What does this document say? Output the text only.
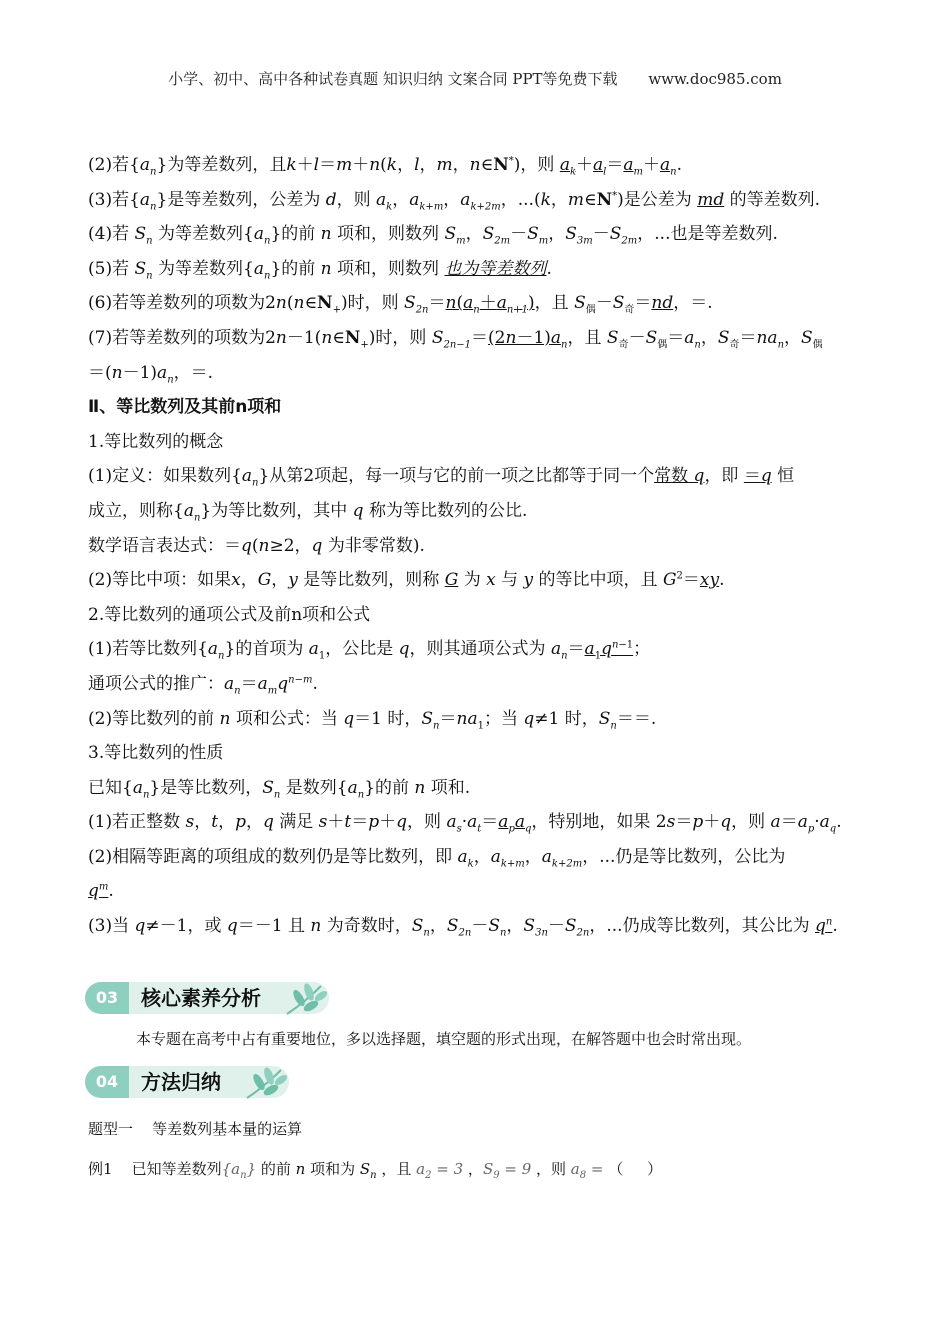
小学、初中、高中各种试卷真题 知识归纳 文案合同 PPT等免费下载 www.doc985.com
(2)若$\{a_n\}$为等差数列，且k＋l＝m＋n(k，l，m，n∈N*)，则 $a_k+a_l=a_m+a_n$.
(3)若$\{a_n\}$是等差数列，公差为 d，则 $a_k$，$a_{k+m}$，$a_{k+2m}$，...(k，m∈N*)是公差为 md 的等差数列.
(4)若 $S_n$ 为等差数列$\{a_n\}$的前 n 项和，则数列 $S_m$，$S_{2m}-S_m$，$S_{3m}-S_{2m}$，...也是等差数列.
(5)若 $S_n$ 为等差数列$\{a_n\}$的前 n 项和，则数列 也为等差数列.
(6)若等差数列的项数为$2n(n\in N_+)$时，则 $S_{2n}=n(a_n+a_{n+1})$，且 $S_偶-S_奇=nd$，＝.
(7)若等差数列的项数为$2n-1(n\in N_+)$时，则 $S_{2n-1}=(2n-1)a_n$，且 $S_奇-S_偶=a_n$，$S_奇=na_n$，$S_偶$
$=(n-1)a_n$，＝.
Ⅱ、等比数列及其前n项和
1.等比数列的概念
(1)定义：如果数列$\{a_n\}$从第2项起，每一项与它的前一项之比都等于同一个常数 q，即 ＝q 恒
成立，则称$\{a_n\}$为等比数列，其中 q 称为等比数列的公比.
数学语言表达式：＝q(n≥2，q 为非零常数).
(2)等比中项：如果x，G，y 是等比数列，则称 G 为 x 与 y 的等比中项，且 $G^2=xy$.
2.等比数列的通项公式及前n项和公式
(1)若等比数列$\{a_n\}$的首项为 $a_1$，公比是 q，则其通项公式为 $a_n=a_1q^{n-1}$；
通项公式的推广：$a_n=a_mq^{n-m}$.
(2)等比数列的前 n 项和公式：当 q＝1 时，$S_n=na_1$；当 q≠1 时，$S_n==$.
3.等比数列的性质
已知$\{a_n\}$是等比数列，$S_n$ 是数列$\{a_n\}$的前 n 项和.
(1)若正整数 s，t，p，q 满足 s＋t＝p＋q，则 $a_s\cdot a_t=a_pa_q$，特别地，如果 2s＝p＋q，则 $a=a_p\cdot a_q$.
(2)相隔等距离的项组成的数列仍是等比数列，即 $a_k$，$a_{k+m}$，$a_{k+2m}$，...仍是等比数列，公比为
$q^m$.
(3)当 q≠－1，或 q＝－1 且 n 为奇数时，$S_n$，$S_{2n}-S_n$，$S_{3n}-S_{2n}$，...仍成等比数列，其公比为 $q^n$.
03	核心素养分析
本专题在高考中占有重要地位，多以选择题，填空题的形式出现，在解答题中也会时常出现。
04	方法归纳
题型一    等差数列基本量的运算
例1    已知等差数列$\{a_n\}$ 的前 n 项和为 $S_n$ ，且 $a_2 = 3$ ，$S_9 = 9$ ，则 $a_8$ = （     ）
